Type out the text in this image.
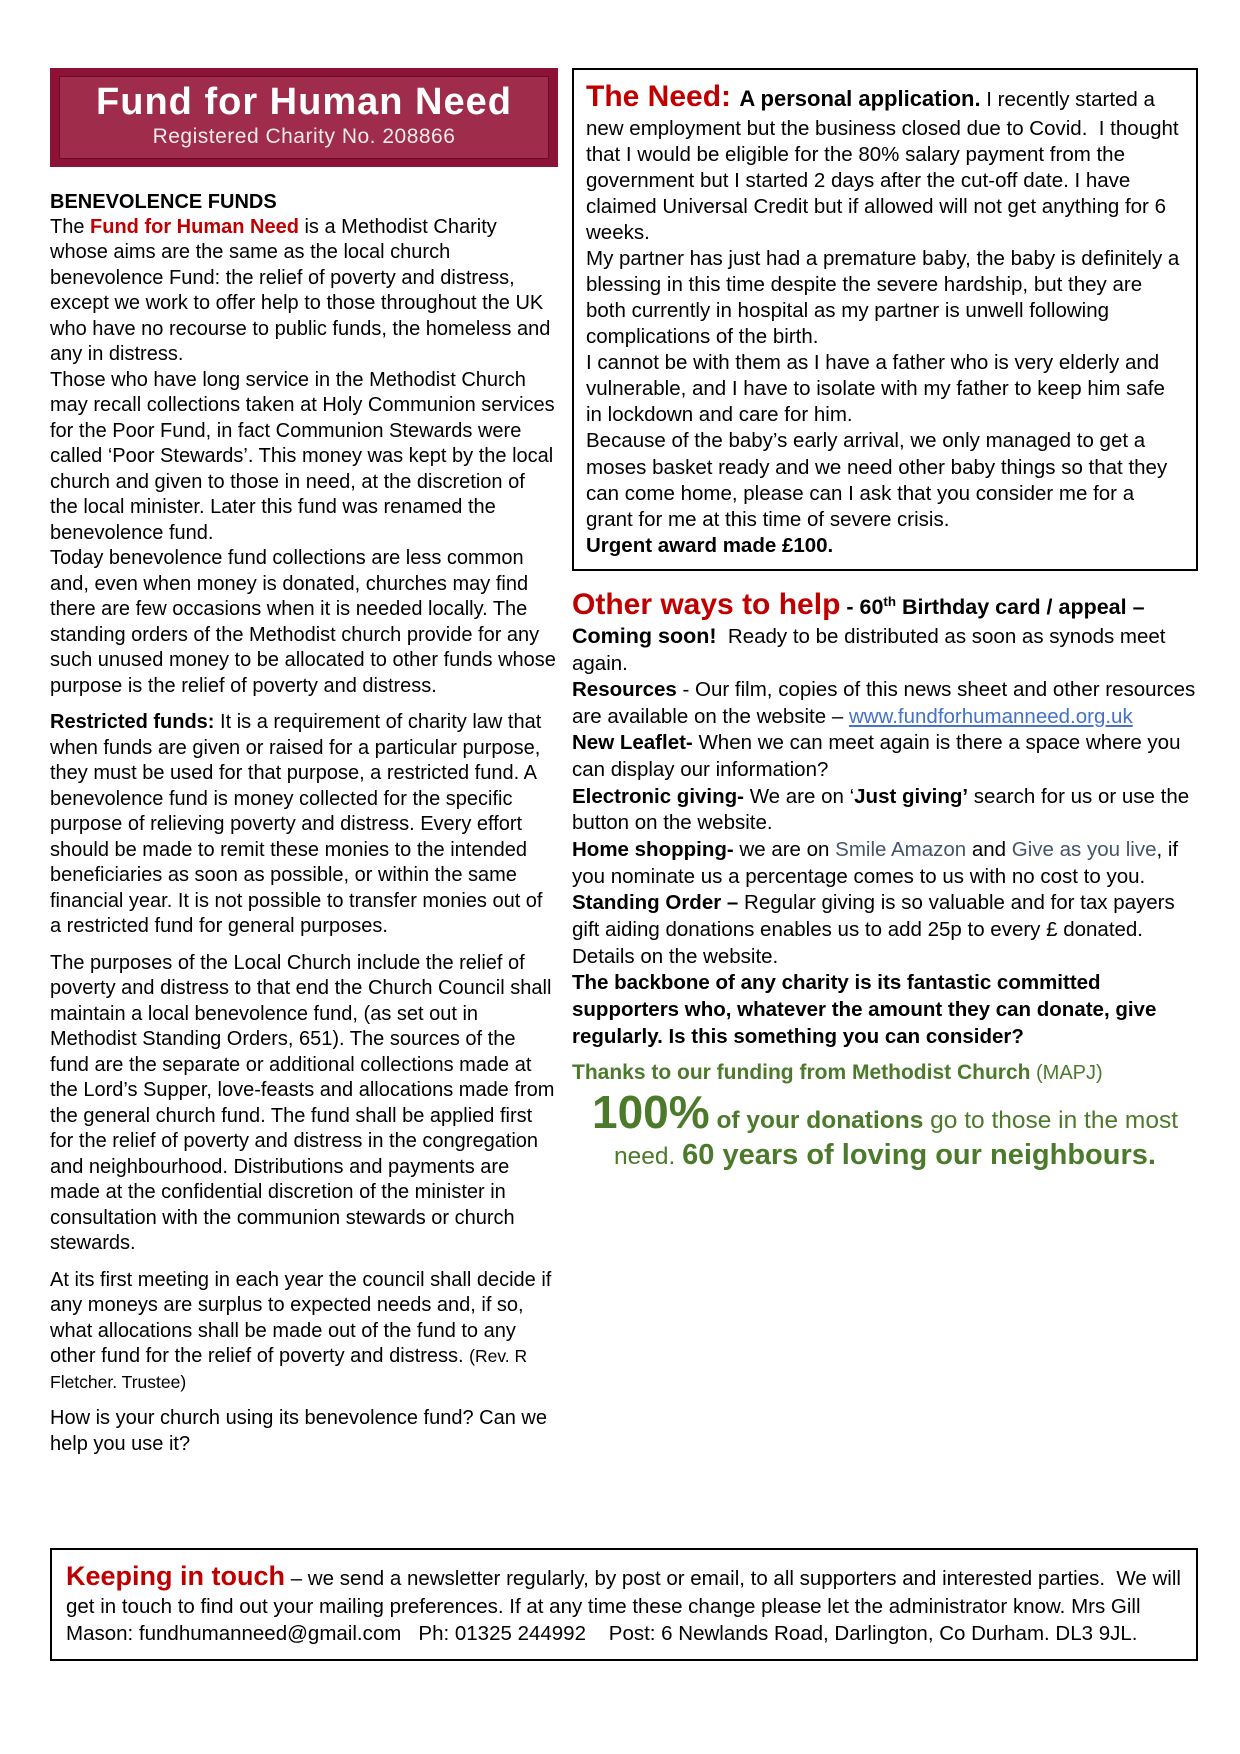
Fund for Human Need
Registered Charity No. 208866
BENEVOLENCE FUNDS

The Fund for Human Need is a Methodist Charity whose aims are the same as the local church benevolence Fund: the relief of poverty and distress, except we work to offer help to those throughout the UK who have no recourse to public funds, the homeless and any in distress.

Those who have long service in the Methodist Church may recall collections taken at Holy Communion services for the Poor Fund, in fact Communion Stewards were called ‘Poor Stewards’. This money was kept by the local church and given to those in need, at the discretion of the local minister. Later this fund was renamed the benevolence fund.

Today benevolence fund collections are less common and, even when money is donated, churches may find there are few occasions when it is needed locally. The standing orders of the Methodist church provide for any such unused money to be allocated to other funds whose purpose is the relief of poverty and distress.

Restricted funds: It is a requirement of charity law that when funds are given or raised for a particular purpose, they must be used for that purpose, a restricted fund. A benevolence fund is money collected for the specific purpose of relieving poverty and distress. Every effort should be made to remit these monies to the intended beneficiaries as soon as possible, or within the same financial year. It is not possible to transfer monies out of a restricted fund for general purposes.

The purposes of the Local Church include the relief of poverty and distress to that end the Church Council shall maintain a local benevolence fund, (as set out in Methodist Standing Orders, 651). The sources of the fund are the separate or additional collections made at the Lord’s Supper, love-feasts and allocations made from the general church fund. The fund shall be applied first for the relief of poverty and distress in the congregation and neighbourhood. Distributions and payments are made at the confidential discretion of the minister in consultation with the communion stewards or church stewards.

At its first meeting in each year the council shall decide if any moneys are surplus to expected needs and, if so, what allocations shall be made out of the fund to any other fund for the relief of poverty and distress. (Rev. R Fletcher. Trustee)

How is your church using its benevolence fund? Can we help you use it?

The Need: A personal application. I recently started a new employment but the business closed due to Covid.  I thought that I would be eligible for the 80% salary payment from the government but I started 2 days after the cut-off date. I have claimed Universal Credit but if allowed will not get anything for 6 weeks.

My partner has just had a premature baby, the baby is definitely a blessing in this time despite the severe hardship, but they are both currently in hospital as my partner is unwell following complications of the birth.

I cannot be with them as I have a father who is very elderly and vulnerable, and I have to isolate with my father to keep him safe in lockdown and care for him.

Because of the baby’s early arrival, we only managed to get a moses basket ready and we need other baby things so that they can come home, please can I ask that you consider me for a grant for me at this time of severe crisis.

Urgent award made £100.

Other ways to help - 60th Birthday card / appeal – Coming soon!  Ready to be distributed as soon as synods meet again.

Resources - Our film, copies of this news sheet and other resources are available on the website – www.fundforhumanneed.org.uk

New Leaflet- When we can meet again is there a space where you can display our information?

Electronic giving- We are on ‘Just giving’ search for us or use the button on the website.

Home shopping- we are on Smile Amazon and Give as you live, if you nominate us a percentage comes to us with no cost to you.

Standing Order – Regular giving is so valuable and for tax payers gift aiding donations enables us to add 25p to every £ donated. Details on the website.

The backbone of any charity is its fantastic committed supporters who, whatever the amount they can donate, give regularly. Is this something you can consider?

Thanks to our funding from Methodist Church (MAPJ)

100% of your donations go to those in the most need. 60 years of loving our neighbours.

Keeping in touch – we send a newsletter regularly, by post or email, to all supporters and interested parties.  We will get in touch to find out your mailing preferences. If at any time these change please let the administrator know. Mrs Gill Mason: fundhumanneed@gmail.com   Ph: 01325 244992    Post: 6 Newlands Road, Darlington, Co Durham. DL3 9JL.
